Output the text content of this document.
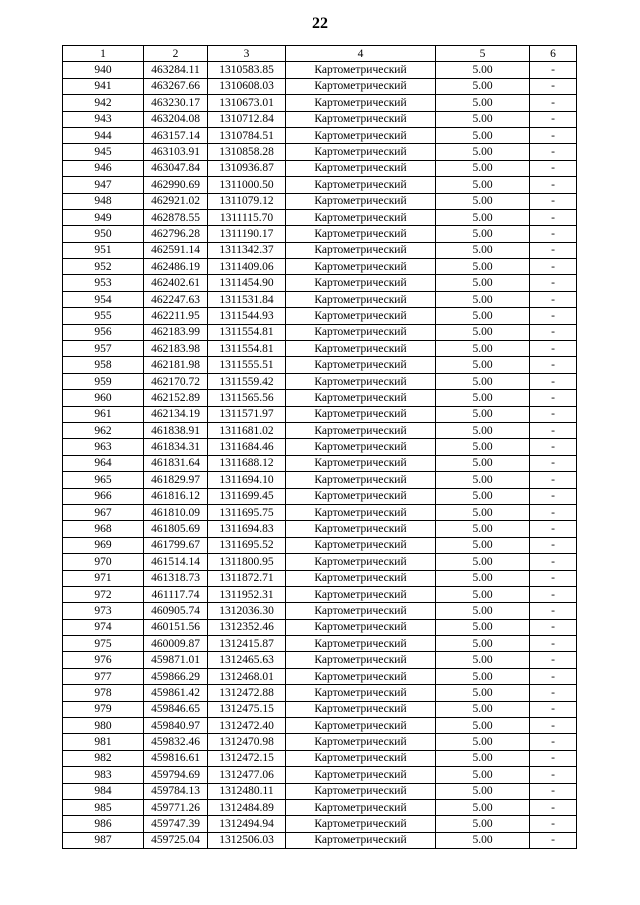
22
1	2	3	4	5	6
940	463284.11	1310583.85	Картометрический	5.00	-
941	463267.66	1310608.03	Картометрический	5.00	-
942	463230.17	1310673.01	Картометрический	5.00	-
943	463204.08	1310712.84	Картометрический	5.00	-
944	463157.14	1310784.51	Картометрический	5.00	-
945	463103.91	1310858.28	Картометрический	5.00	-
946	463047.84	1310936.87	Картометрический	5.00	-
947	462990.69	1311000.50	Картометрический	5.00	-
948	462921.02	1311079.12	Картометрический	5.00	-
949	462878.55	1311115.70	Картометрический	5.00	-
950	462796.28	1311190.17	Картометрический	5.00	-
951	462591.14	1311342.37	Картометрический	5.00	-
952	462486.19	1311409.06	Картометрический	5.00	-
953	462402.61	1311454.90	Картометрический	5.00	-
954	462247.63	1311531.84	Картометрический	5.00	-
955	462211.95	1311544.93	Картометрический	5.00	-
956	462183.99	1311554.81	Картометрический	5.00	-
957	462183.98	1311554.81	Картометрический	5.00	-
958	462181.98	1311555.51	Картометрический	5.00	-
959	462170.72	1311559.42	Картометрический	5.00	-
960	462152.89	1311565.56	Картометрический	5.00	-
961	462134.19	1311571.97	Картометрический	5.00	-
962	461838.91	1311681.02	Картометрический	5.00	-
963	461834.31	1311684.46	Картометрический	5.00	-
964	461831.64	1311688.12	Картометрический	5.00	-
965	461829.97	1311694.10	Картометрический	5.00	-
966	461816.12	1311699.45	Картометрический	5.00	-
967	461810.09	1311695.75	Картометрический	5.00	-
968	461805.69	1311694.83	Картометрический	5.00	-
969	461799.67	1311695.52	Картометрический	5.00	-
970	461514.14	1311800.95	Картометрический	5.00	-
971	461318.73	1311872.71	Картометрический	5.00	-
972	461117.74	1311952.31	Картометрический	5.00	-
973	460905.74	1312036.30	Картометрический	5.00	-
974	460151.56	1312352.46	Картометрический	5.00	-
975	460009.87	1312415.87	Картометрический	5.00	-
976	459871.01	1312465.63	Картометрический	5.00	-
977	459866.29	1312468.01	Картометрический	5.00	-
978	459861.42	1312472.88	Картометрический	5.00	-
979	459846.65	1312475.15	Картометрический	5.00	-
980	459840.97	1312472.40	Картометрический	5.00	-
981	459832.46	1312470.98	Картометрический	5.00	-
982	459816.61	1312472.15	Картометрический	5.00	-
983	459794.69	1312477.06	Картометрический	5.00	-
984	459784.13	1312480.11	Картометрический	5.00	-
985	459771.26	1312484.89	Картометрический	5.00	-
986	459747.39	1312494.94	Картометрический	5.00	-
987	459725.04	1312506.03	Картометрический	5.00	-
